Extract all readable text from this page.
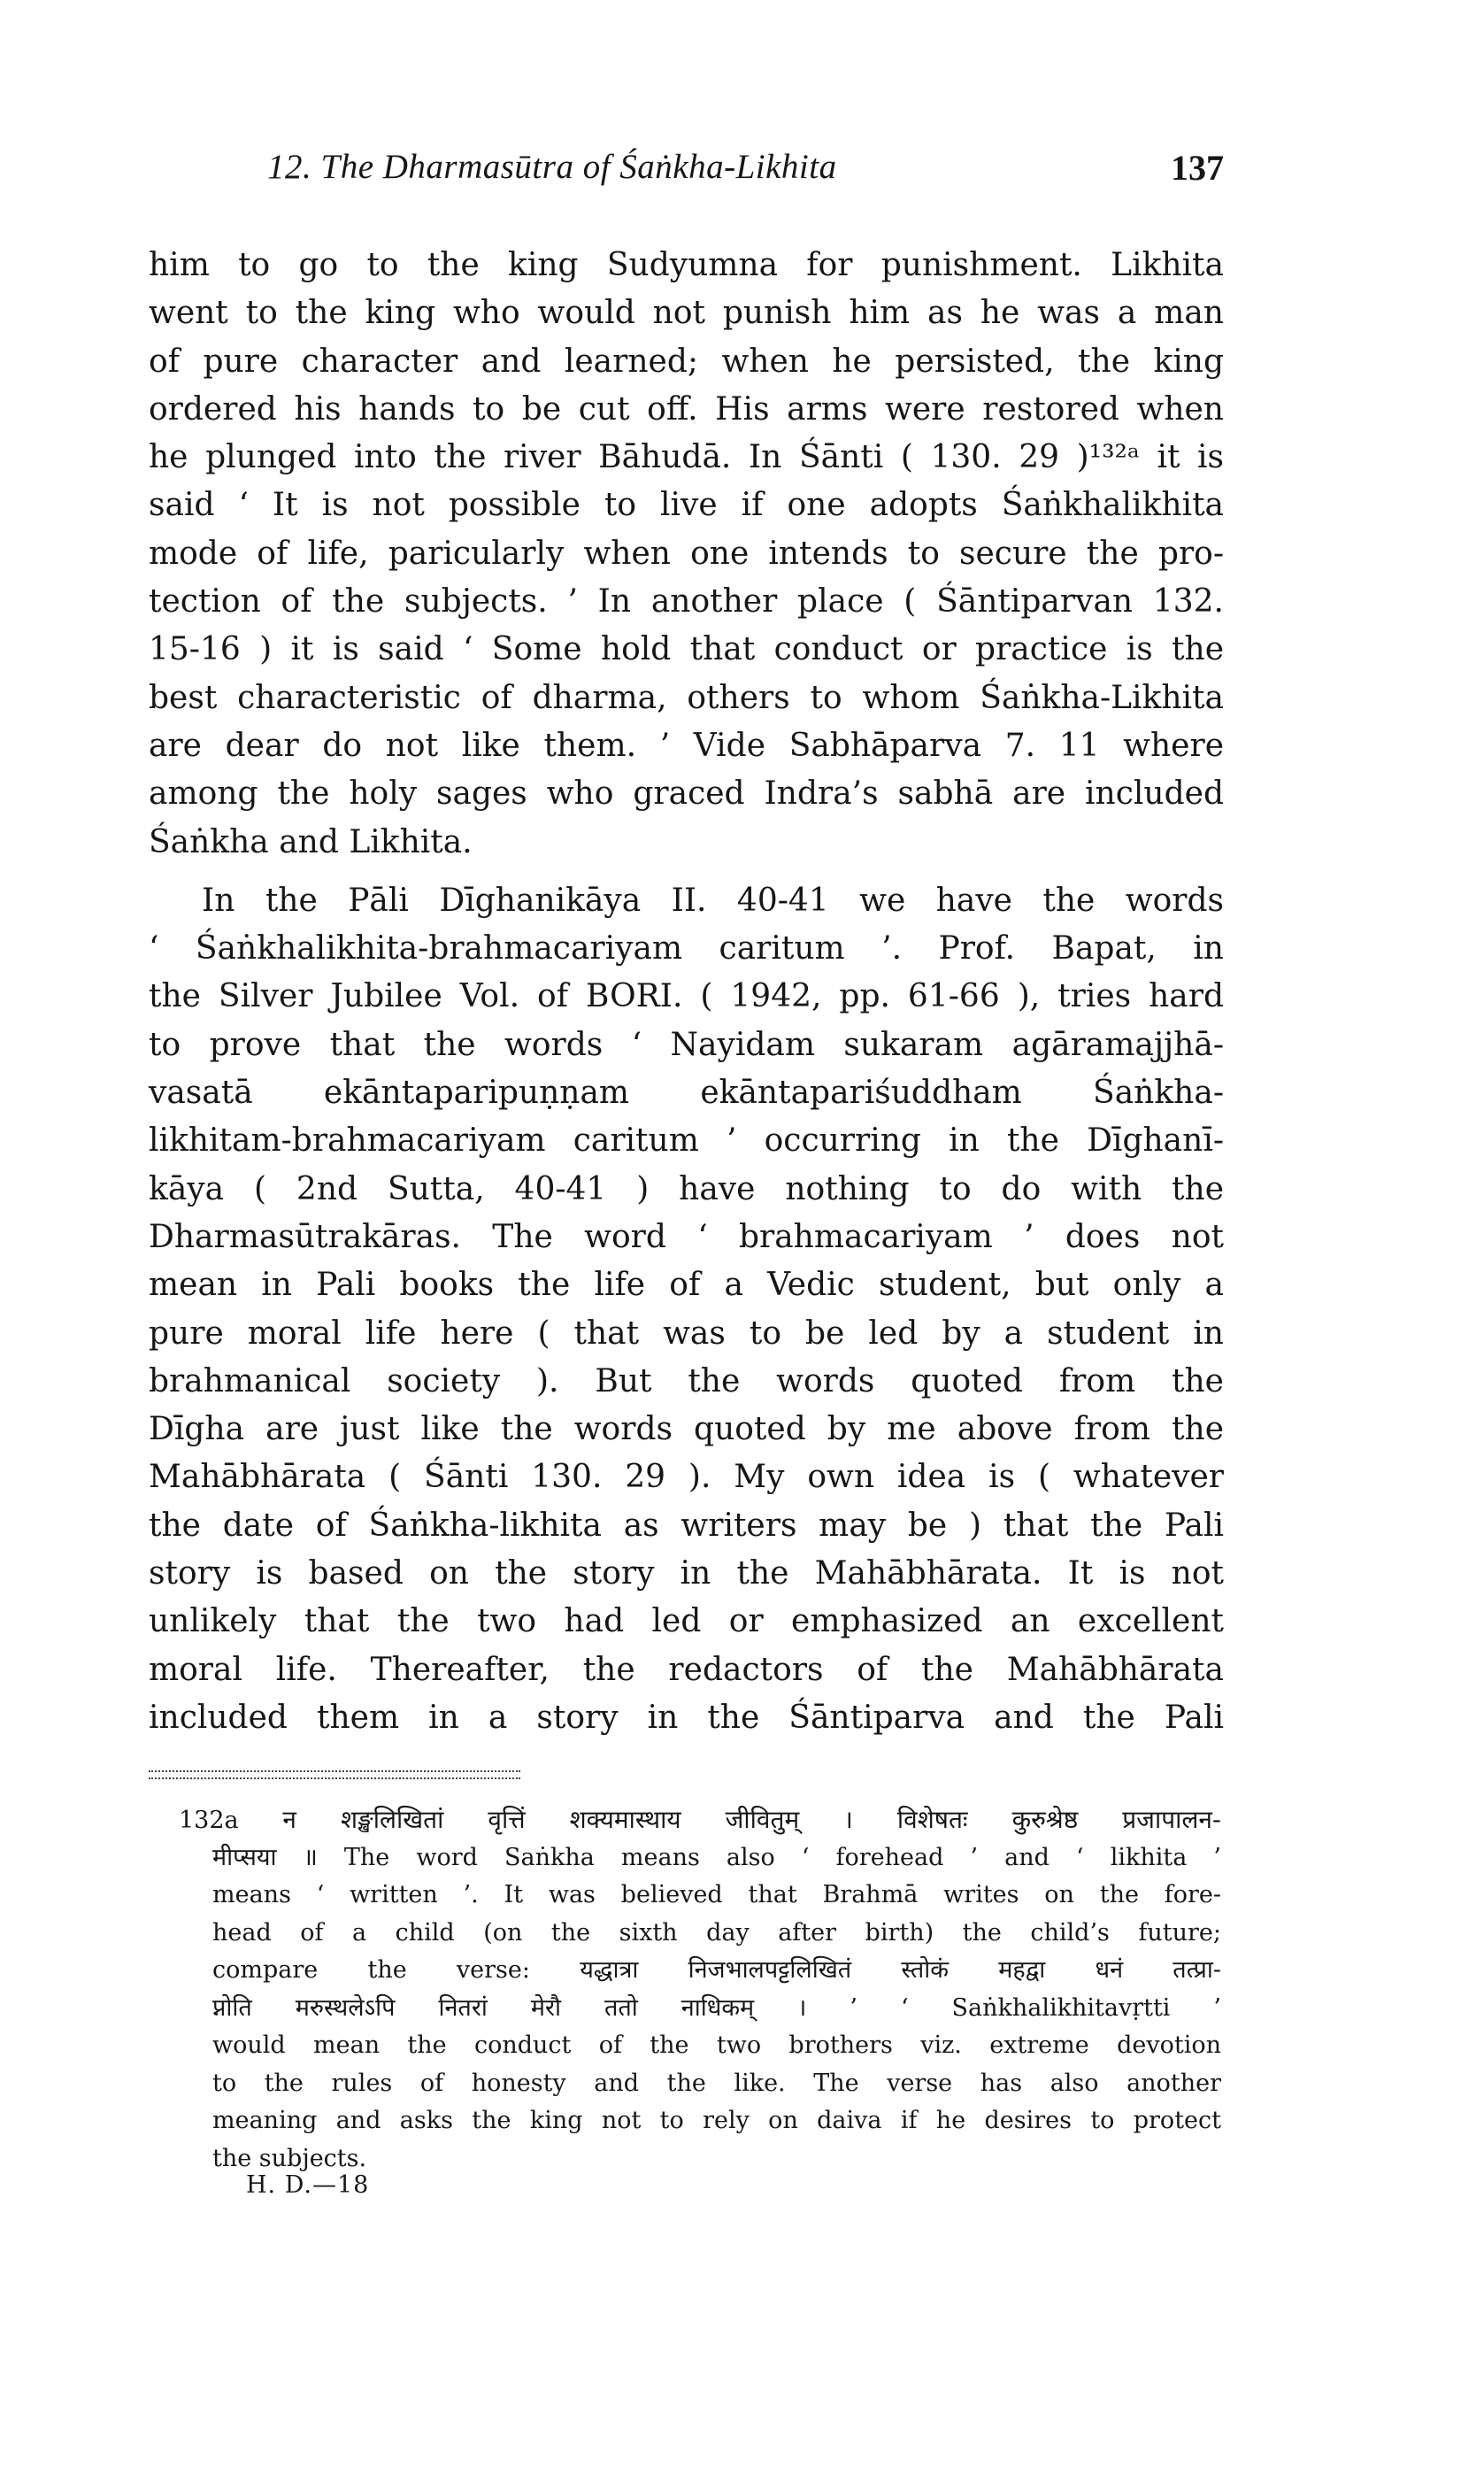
12. The Dharmasūtra of Śaṅkha-Likhita	137
him to go to the king Sudyumna for punishment. Likhita
went to the king who would not punish him as he was a man
of pure character and learned; when he persisted, the king
ordered his hands to be cut off. His arms were restored when
he plunged into the river Bāhudā. In Śānti ( 130. 29 )¹³²ᵃ it is
said ‘ It is not possible to live if one adopts Śaṅkhalikhita
mode of life, paricularly when one intends to secure the pro-
tection of the subjects. ’ In another place ( Śāntiparvan 132.
15-16 ) it is said ‘ Some hold that conduct or practice is the
best characteristic of dharma, others to whom Śaṅkha-Likhita
are dear do not like them. ’ Vide Sabhāparva 7. 11 where
among the holy sages who graced Indra’s sabhā are included
Śaṅkha and Likhita.
In the Pāli Dīghanikāya II. 40-41 we have the words
‘ Śaṅkhalikhita-brahmacariyam caritum ’. Prof. Bapat, in
the Silver Jubilee Vol. of BORI. ( 1942, pp. 61-66 ), tries hard
to prove that the words ‘ Nayidam sukaram agāramajjhā-
vasatā ekāntaparipuṇṇam ekāntapariśuddham Śaṅkha-
likhitam-brahmacariyam caritum ’ occurring in the Dīghanī-
kāya ( 2nd Sutta, 40-41 ) have nothing to do with the
Dharmasūtrakāras. The word ‘ brahmacariyam ’ does not
mean in Pali books the life of a Vedic student, but only a
pure moral life here ( that was to be led by a student in
brahmanical society ). But the words quoted from the
Dīgha are just like the words quoted by me above from the
Mahābhārata ( Śānti 130. 29 ). My own idea is ( whatever
the date of Śaṅkha-likhita as writers may be ) that the Pali
story is based on the story in the Mahābhārata. It is not
unlikely that the two had led or emphasized an excellent
moral life. Thereafter, the redactors of the Mahābhārata
included them in a story in the Śāntiparva and the Pali
132a न शङ्खलिखितां वृत्तिं शक्यमास्थाय जीवितुम् । विशेषतः कुरुश्रेष्ठ प्रजापालन-
मीप्सया ॥ The word Saṅkha means also ‘ forehead ’ and ‘ likhita ’
means ‘ written ’. It was believed that Brahmā writes on the fore-
head of a child (on the sixth day after birth) the child’s future;
compare the verse: यद्धात्रा निजभालपट्टलिखितं स्तोकं महद्वा धनं तत्प्रा-
प्नोति मरुस्थलेऽपि नितरां मेरौ ततो नाधिकम् । ’ ‘ Saṅkhalikhitavṛtti ’
would mean the conduct of the two brothers viz. extreme devotion
to the rules of honesty and the like. The verse has also another
meaning and asks the king not to rely on daiva if he desires to protect
the subjects.
H. D.—18
